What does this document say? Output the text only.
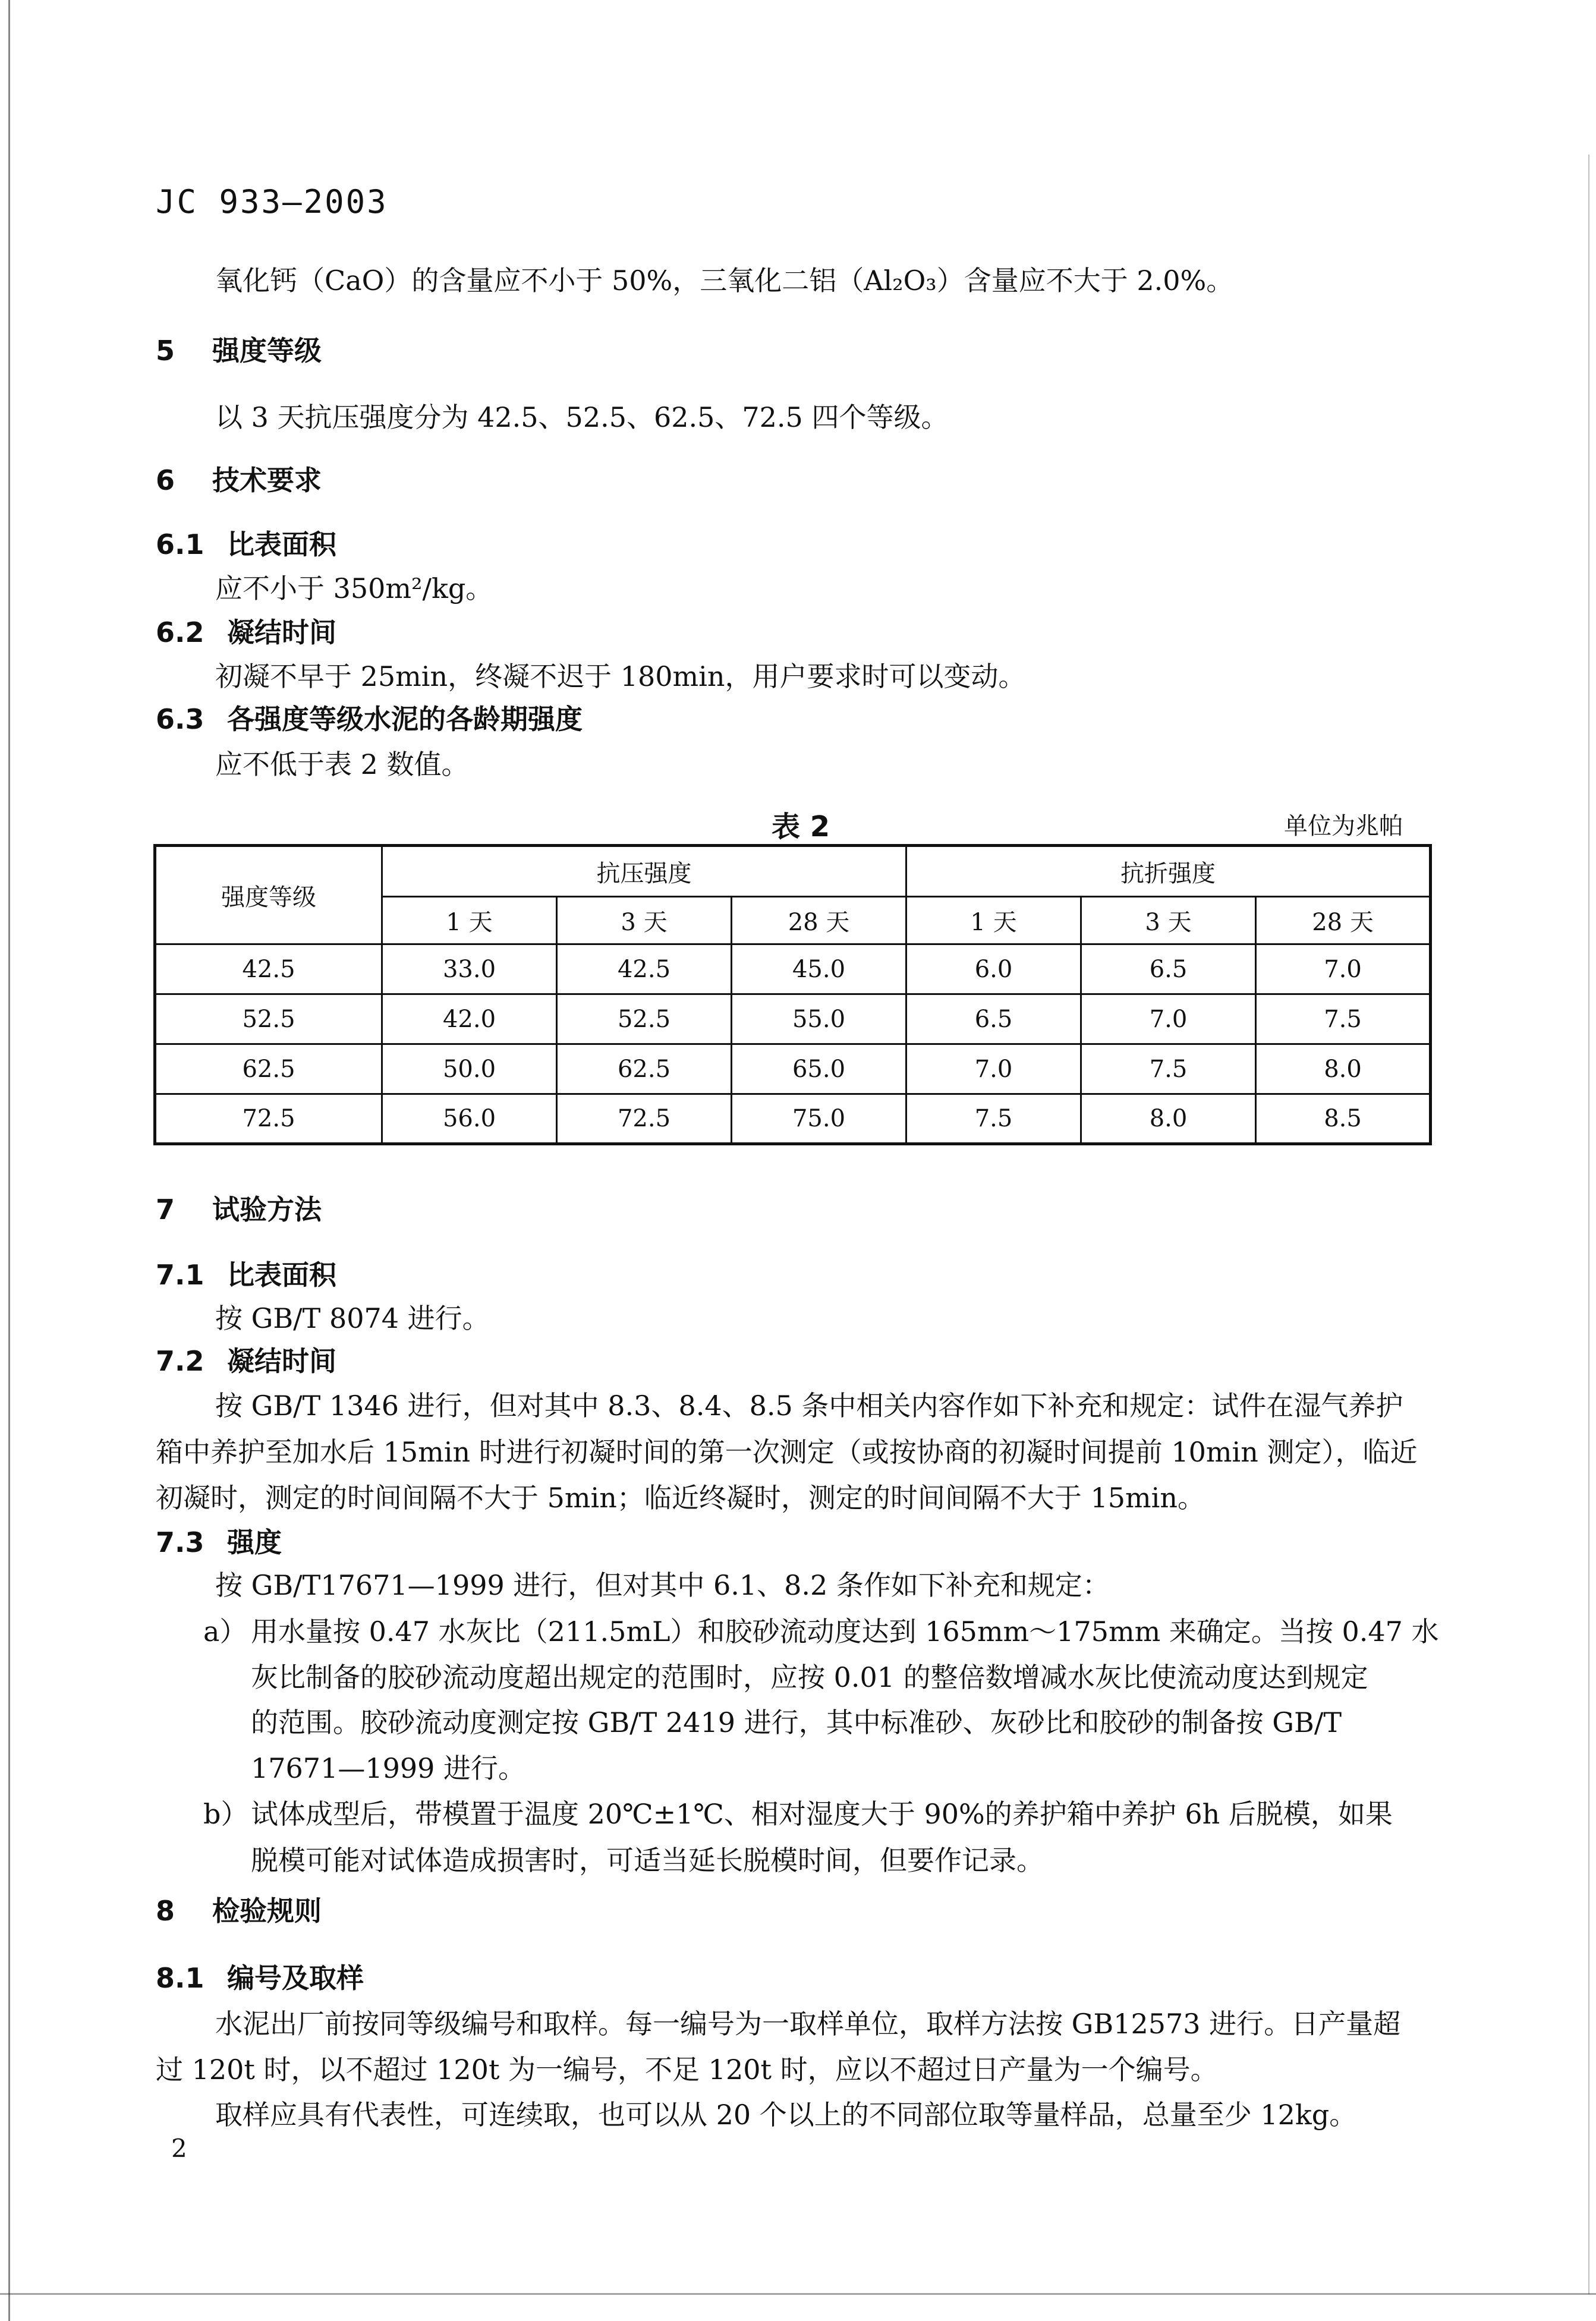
JC 933—2003
氧化钙（CaO）的含量应不小于 50%，三氧化二铝（Al₂O₃）含量应不大于 2.0%。
5 强度等级
以 3 天抗压强度分为 42.5、52.5、62.5、72.5 四个等级。
6 技术要求
6.1 比表面积
应不小于 350m²/kg。
6.2 凝结时间
初凝不早于 25min，终凝不迟于 180min，用户要求时可以变动。
6.3 各强度等级水泥的各龄期强度
应不低于表 2 数值。
表 2	单位为兆帕
强度等级	抗压强度			抗折强度		
	1 天	3 天	28 天	1 天	3 天	28 天
42.5	33.0	42.5	45.0	6.0	6.5	7.0
52.5	42.0	52.5	55.0	6.5	7.0	7.5
62.5	50.0	62.5	65.0	7.0	7.5	8.0
72.5	56.0	72.5	75.0	7.5	8.0	8.5
7 试验方法
7.1 比表面积
按 GB/T 8074 进行。
7.2 凝结时间
按 GB/T 1346 进行，但对其中 8.3、8.4、8.5 条中相关内容作如下补充和规定：试件在湿气养护
箱中养护至加水后 15min 时进行初凝时间的第一次测定（或按协商的初凝时间提前 10min 测定），临近
初凝时，测定的时间间隔不大于 5min；临近终凝时，测定的时间间隔不大于 15min。
7.3 强度
按 GB/T17671—1999 进行，但对其中 6.1、8.2 条作如下补充和规定：
a） 用水量按 0.47 水灰比（211.5mL）和胶砂流动度达到 165mm～175mm 来确定。当按 0.47 水
灰比制备的胶砂流动度超出规定的范围时，应按 0.01 的整倍数增减水灰比使流动度达到规定
的范围。胶砂流动度测定按 GB/T 2419 进行，其中标准砂、灰砂比和胶砂的制备按 GB/T
17671—1999 进行。
b） 试体成型后，带模置于温度 20℃±1℃、相对湿度大于 90%的养护箱中养护 6h 后脱模，如果
脱模可能对试体造成损害时，可适当延长脱模时间，但要作记录。
8 检验规则
8.1 编号及取样
水泥出厂前按同等级编号和取样。每一编号为一取样单位，取样方法按 GB12573 进行。日产量超
过 120t 时，以不超过 120t 为一编号，不足 120t 时，应以不超过日产量为一个编号。
取样应具有代表性，可连续取，也可以从 20 个以上的不同部位取等量样品，总量至少 12kg。
2
